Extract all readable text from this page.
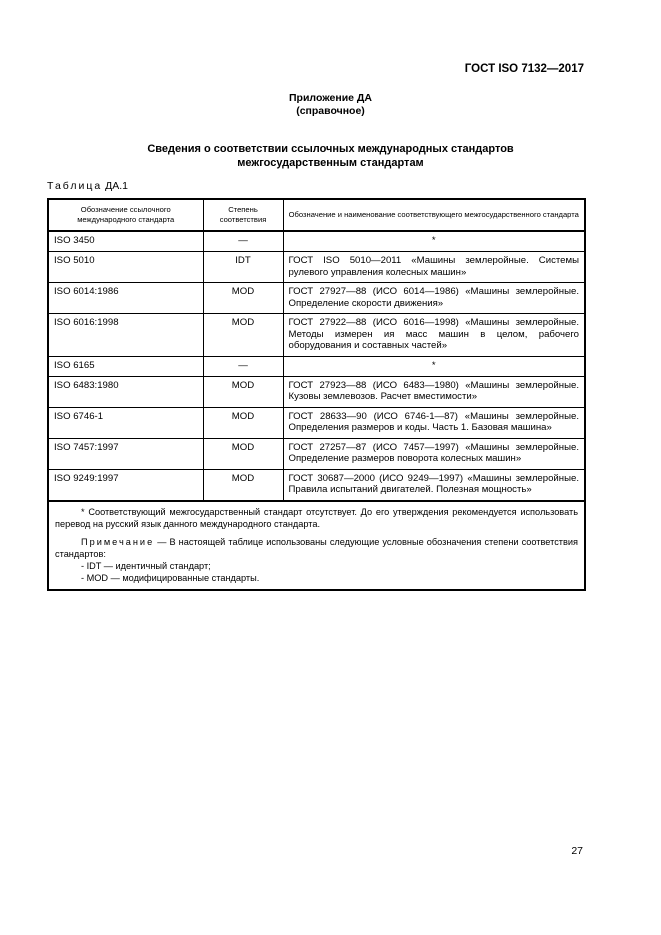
ГОСТ ISO 7132—2017
Приложение ДА
(справочное)
Сведения о соответствии ссылочных международных стандартов
межгосударственным стандартам
Таблица ДА.1
Обозначение ссылочного международного стандарта	Степень соответствия	Обозначение и наименование соответствующего межгосударственного стандарта
ISO 3450	—	*
ISO 5010	IDT	ГОСТ ISO 5010—2011 «Машины землеройные. Системы рулевого управления колесных машин»
ISO 6014:1986	MOD	ГОСТ 27927—88 (ИСО 6014—1986) «Машины землеройные. Определение скорости движения»
ISO 6016:1998	MOD	ГОСТ 27922—88 (ИСО 6016—1998) «Машины землеройные. Методы измерен ия масс машин в целом, рабочего оборудования и составных частей»
ISO 6165	—	*
ISO 6483:1980	MOD	ГОСТ 27923—88 (ИСО 6483—1980) «Машины землеройные. Кузовы землевозов. Расчет вместимости»
ISO 6746-1	MOD	ГОСТ 28633—90 (ИСО 6746-1—87) «Машины землеройные. Определения размеров и коды. Часть 1. Базовая машина»
ISO 7457:1997	MOD	ГОСТ 27257—87 (ИСО 7457—1997) «Машины землеройные. Определение размеров поворота колесных машин»
ISO 9249:1997	MOD	ГОСТ 30687—2000 (ИСО 9249—1997) «Машины землеройные. Правила испытаний двигателей. Полезная мощность»

* Соответствующий межгосударственный стандарт отсутствует. До его утверждения рекомендуется использовать перевод на русский язык данного международного стандарта.

Примечание — В настоящей таблице использованы следующие условные обозначения степени соответствия стандартов:

- IDT — идентичный стандарт;
- MOD — модифицированные стандарты.		
27
